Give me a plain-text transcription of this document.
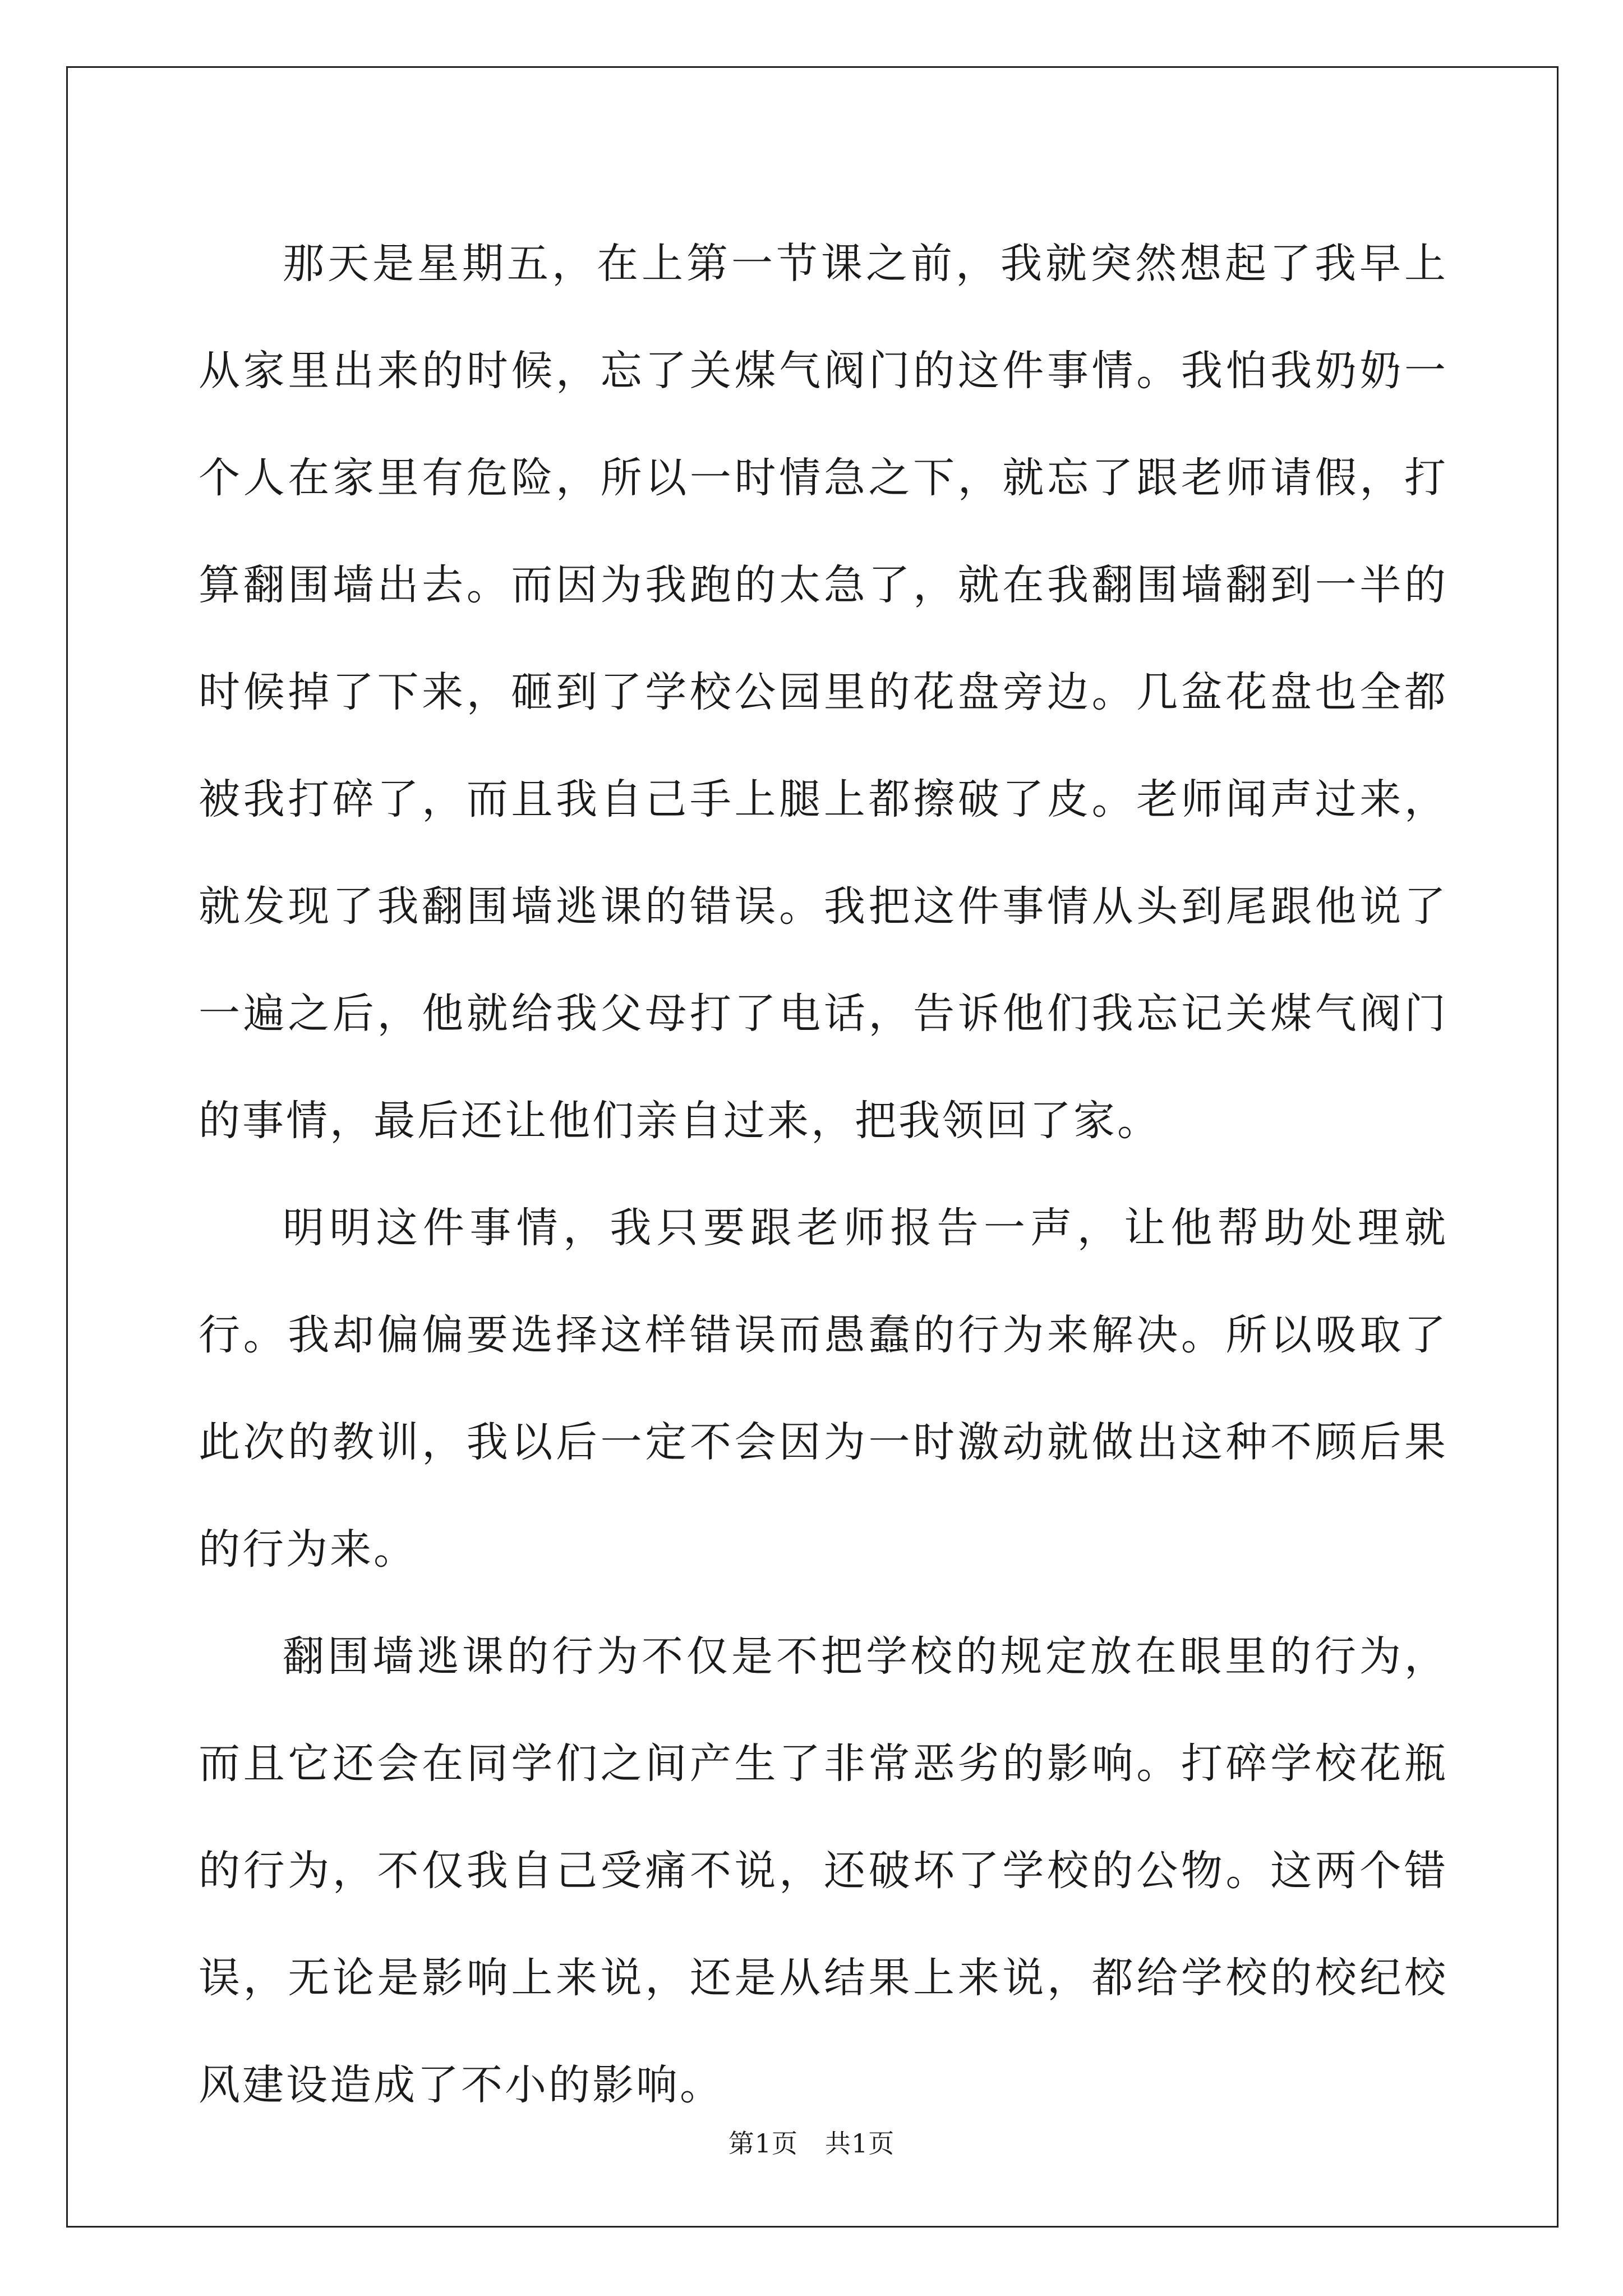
那天是星期五，在上第一节课之前，我就突然想起了我早上从家里出来的时候，忘了关煤气阀门的这件事情。我怕我奶奶一个人在家里有危险，所以一时情急之下，就忘了跟老师请假，打算翻围墙出去。而因为我跑的太急了，就在我翻围墙翻到一半的时候掉了下来，砸到了学校公园里的花盘旁边。几盆花盘也全都被我打碎了，而且我自己手上腿上都擦破了皮。老师闻声过来，就发现了我翻围墙逃课的错误。我把这件事情从头到尾跟他说了一遍之后，他就给我父母打了电话，告诉他们我忘记关煤气阀门的事情，最后还让他们亲自过来，把我领回了家。

明明这件事情，我只要跟老师报告一声，让他帮助处理就行。我却偏偏要选择这样错误而愚蠢的行为来解决。所以吸取了此次的教训，我以后一定不会因为一时激动就做出这种不顾后果的行为来。

翻围墙逃课的行为不仅是不把学校的规定放在眼里的行为，而且它还会在同学们之间产生了非常恶劣的影响。打碎学校花瓶的行为，不仅我自己受痛不说，还破坏了学校的公物。这两个错误，无论是影响上来说，还是从结果上来说，都给学校的校纪校风建设造成了不小的影响。

第1页 共1页
